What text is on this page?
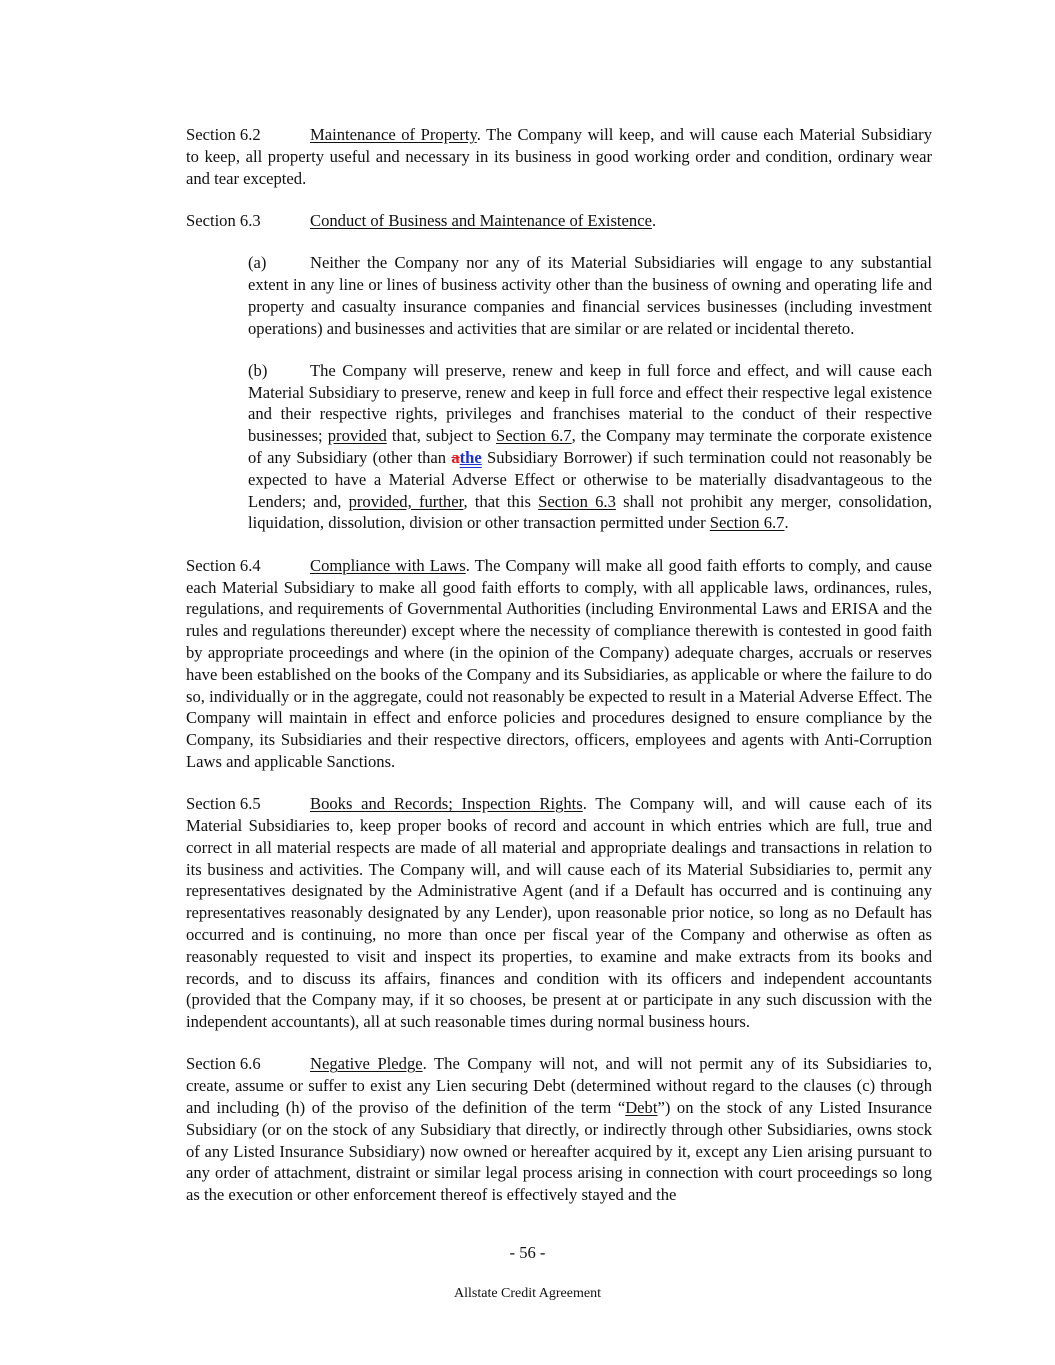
Section 6.2	Maintenance of Property. The Company will keep, and will cause each Material Subsidiary to keep, all property useful and necessary in its business in good working order and condition, ordinary wear and tear excepted.

Section 6.3	Conduct of Business and Maintenance of Existence.

(a)	Neither the Company nor any of its Material Subsidiaries will engage to any substantial extent in any line or lines of business activity other than the business of owning and operating life and property and casualty insurance companies and financial services businesses (including investment operations) and businesses and activities that are similar or are related or incidental thereto.

(b)	The Company will preserve, renew and keep in full force and effect, and will cause each Material Subsidiary to preserve, renew and keep in full force and effect their respective legal existence and their respective rights, privileges and franchises material to the conduct of their respective businesses; provided that, subject to Section 6.7, the Company may terminate the corporate existence of any Subsidiary (other than athe Subsidiary Borrower) if such termination could not reasonably be expected to have a Material Adverse Effect or otherwise to be materially disadvantageous to the Lenders; and, provided, further, that this Section 6.3 shall not prohibit any merger, consolidation, liquidation, dissolution, division or other transaction permitted under Section 6.7.

Section 6.4	Compliance with Laws. The Company will make all good faith efforts to comply, and cause each Material Subsidiary to make all good faith efforts to comply, with all applicable laws, ordinances, rules, regulations, and requirements of Governmental Authorities (including Environmental Laws and ERISA and the rules and regulations thereunder) except where the necessity of compliance therewith is contested in good faith by appropriate proceedings and where (in the opinion of the Company) adequate charges, accruals or reserves have been established on the books of the Company and its Subsidiaries, as applicable or where the failure to do so, individually or in the aggregate, could not reasonably be expected to result in a Material Adverse Effect. The Company will maintain in effect and enforce policies and procedures designed to ensure compliance by the Company, its Subsidiaries and their respective directors, officers, employees and agents with Anti-Corruption Laws and applicable Sanctions.

Section 6.5	Books and Records; Inspection Rights. The Company will, and will cause each of its Material Subsidiaries to, keep proper books of record and account in which entries which are full, true and correct in all material respects are made of all material and appropriate dealings and transactions in relation to its business and activities. The Company will, and will cause each of its Material Subsidiaries to, permit any representatives designated by the Administrative Agent (and if a Default has occurred and is continuing any representatives reasonably designated by any Lender), upon reasonable prior notice, so long as no Default has occurred and is continuing, no more than once per fiscal year of the Company and otherwise as often as reasonably requested to visit and inspect its properties, to examine and make extracts from its books and records, and to discuss its affairs, finances and condition with its officers and independent accountants (provided that the Company may, if it so chooses, be present at or participate in any such discussion with the independent accountants), all at such reasonable times during normal business hours.

Section 6.6	Negative Pledge. The Company will not, and will not permit any of its Subsidiaries to, create, assume or suffer to exist any Lien securing Debt (determined without regard to the clauses (c) through and including (h) of the proviso of the definition of the term “Debt”) on the stock of any Listed Insurance Subsidiary (or on the stock of any Subsidiary that directly, or indirectly through other Subsidiaries, owns stock of any Listed Insurance Subsidiary) now owned or hereafter acquired by it, except any Lien arising pursuant to any order of attachment, distraint or similar legal process arising in connection with court proceedings so long as the execution or other enforcement thereof is effectively stayed and the

- 56 -
Allstate Credit Agreement
